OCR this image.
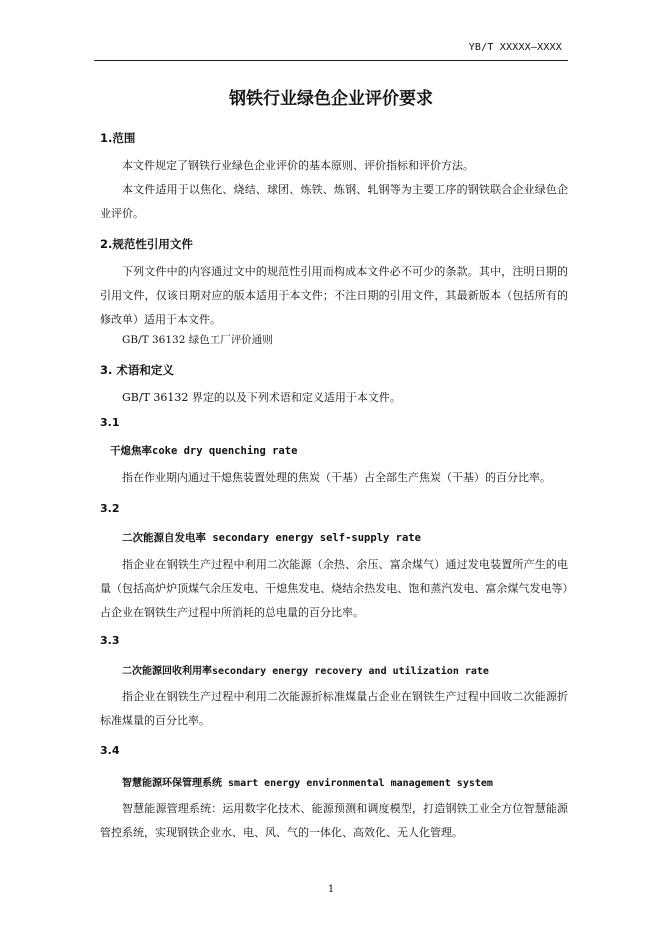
YB/T XXXXX—XXXX
钢铁行业绿色企业评价要求
1.范围

本文件规定了钢铁行业绿色企业评价的基本原则、评价指标和评价方法。

本文件适用于以焦化、烧结、球团、炼铁、炼钢、轧钢等为主要工序的钢铁联合企业绿色企业评价。

2.规范性引用文件

下列文件中的内容通过文中的规范性引用而构成本文件必不可少的条款。其中，注明日期的引用文件，仅该日期对应的版本适用于本文件；不注日期的引用文件，其最新版本（包括所有的修改单）适用于本文件。

GB/T 36132 绿色工厂评价通则
3. 术语和定义

GB/T 36132 界定的以及下列术语和定义适用于本文件。

3.1
干熄焦率coke dry quenching rate

指在作业期内通过干熄焦装置处理的焦炭（干基）占全部生产焦炭（干基）的百分比率。

3.2
二次能源自发电率 secondary energy self-supply rate

指企业在钢铁生产过程中利用二次能源（余热、余压、富余煤气）通过发电装置所产生的电量（包括高炉炉顶煤气余压发电、干熄焦发电、烧结余热发电、饱和蒸汽发电、富余煤气发电等）占企业在钢铁生产过程中所消耗的总电量的百分比率。

3.3
二次能源回收利用率secondary energy recovery and utilization rate

指企业在钢铁生产过程中利用二次能源折标准煤量占企业在钢铁生产过程中回收二次能源折标准煤量的百分比率。

3.4
智慧能源环保管理系统 smart energy environmental management system

智慧能源管理系统：运用数字化技术、能源预测和调度模型，打造钢铁工业全方位智慧能源管控系统，实现钢铁企业水、电、风、气的一体化、高效化、无人化管理。

1
